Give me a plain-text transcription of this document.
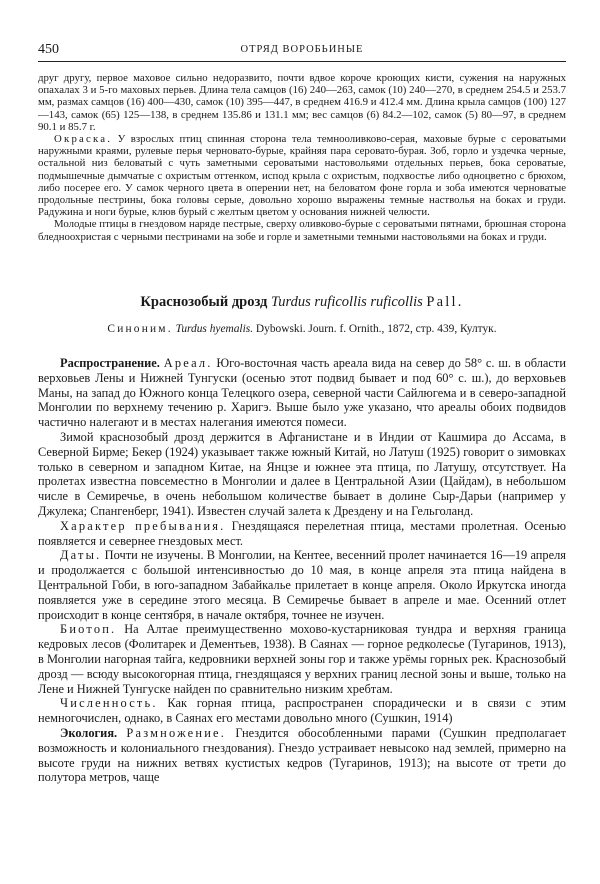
450	ОТРЯД ВОРОБЬИНЫЕ

друг другу, первое маховое сильно недоразвито, почти вдвое короче кроющих кисти, сужения на наружных опахалах 3 и 5-го маховых перьев. Длина тела самцов (16) 240—263, самок (10) 240—270, в среднем 254.5 и 253.7 мм, размах самцов (16) 400—430, самок (10) 395—447, в среднем 416.9 и 412.4 мм. Длина крыла самцов (100) 127—143, самок (65) 125—138, в среднем 135.86 и 131.1 мм; вес самцов (6) 84.2—102, самок (5) 80—97, в среднем 90.1 и 85.7 г.

Окраска. У взрослых птиц спинная сторона тела темнооливково-серая, маховые бурые с сероватыми наружными краями, рулевые перья черновато-бурые, крайняя пара серовато-бурая. Зоб, горло и уздечка черные, остальной низ беловатый с чуть заметными сероватыми настовольями отдельных перьев, бока сероватые, подмышечные дымчатые с охристым оттенком, испод крыла с охристым, подхвостье либо одноцветно с брюхом, либо посерее его. У самок черного цвета в оперении нет, на беловатом фоне горла и зоба имеются черноватые продольные пестрины, бока головы серые, довольно хорошо выражены темные настволья на боках и груди. Радужина и ноги бурые, клюв бурый с желтым цветом у основания нижней челюсти.

Молодые птицы в гнездовом наряде пестрые, сверху оливково-бурые с сероватыми пятнами, брюшная сторона бледноохристая с черными пестринами на зобе и горле и заметными темными настовольями на боках и груди.

Краснозобый дрозд Turdus ruficollis ruficollis Pall.
Синоним. Turdus hyemalis. Dybowski. Journ. f. Ornith., 1872, стр. 439, Култук.

Распространение. Ареал. Юго-восточная часть ареала вида на север до 58° с. ш. в области верховьев Лены и Нижней Тунгуски (осенью этот подвид бывает и под 60° с. ш.), до верховьев Маны, на запад до Южного конца Телецкого озера, северной части Сайлюгема и в северо-западной Монголии по верхнему течению р. Харигэ. Выше было уже указано, что ареалы обоих подвидов частично налегают и в местах налегания имеются помеси.

Зимой краснозобый дрозд держится в Афганистане и в Индии от Кашмира до Ассама, в Северной Бирме; Бекер (1924) указывает также южный Китай, но Латуш (1925) говорит о зимовках только в северном и западном Китае, на Янцзе и южнее эта птица, по Латушу, отсутствует. На пролетах известна повсеместно в Монголии и далее в Центральной Азии (Цайдам), в небольшом числе в Семиречье, в очень небольшом количестве бывает в долине Сыр-Дарьи (например у Джулека; Спангенберг, 1941). Известен случай залета к Дрездену и на Гельголанд.

Характер пребывания. Гнездящаяся перелетная птица, местами пролетная. Осенью появляется и севернее гнездовых мест.

Даты. Почти не изучены. В Монголии, на Кентее, весенний пролет начинается 16—19 апреля и продолжается с большой интенсивностью до 10 мая, в конце апреля эта птица найдена в Центральной Гоби, в юго-западном Забайкалье прилетает в конце апреля. Около Иркутска иногда появляется уже в середине этого месяца. В Семиречье бывает в апреле и мае. Осенний отлет происходит в конце сентября, в начале октября, точнее не изучен.

Биотоп. На Алтае преимущественно мохово-кустарниковая тундра и верхняя граница кедровых лесов (Фолитарек и Дементьев, 1938). В Саянах — горное редколесье (Тугаринов, 1913), в Монголии нагорная тайга, кедровники верхней зоны гор и также урёмы горных рек. Краснозобый дрозд — всюду высокогорная птица, гнездящаяся у верхних границ лесной зоны и выше, только на Лене и Нижней Тунгуске найден по сравнительно низким хребтам.

Численность. Как горная птица, распространен спорадически и в связи с этим немногочислен, однако, в Саянах его местами довольно много (Сушкин, 1914)

Экология. Размножение. Гнездится обособленными парами (Сушкин предполагает возможность и колониального гнездования). Гнездо устраивает невысоко над землей, примерно на высоте груди на нижних ветвях кустистых кедров (Тугаринов, 1913); на высоте от трети до полутора метров, чаще
